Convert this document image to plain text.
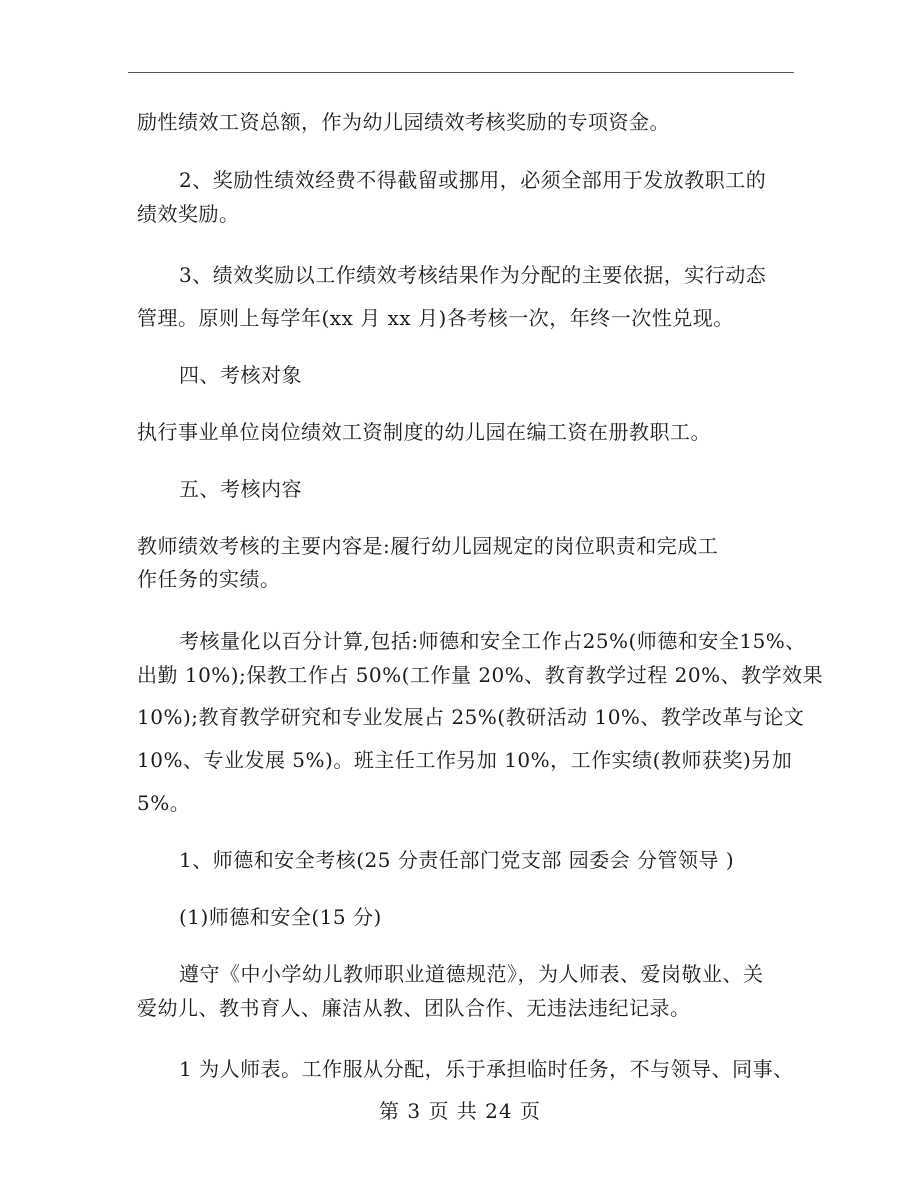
励性绩效工资总额，作为幼儿园绩效考核奖励的专项资金。
2、奖励性绩效经费不得截留或挪用，必须全部用于发放教职工的
绩效奖励。
3、绩效奖励以工作绩效考核结果作为分配的主要依据，实行动态
管理。原则上每学年(xx 月 xx 月)各考核一次，年终一次性兑现。
四、考核对象
执行事业单位岗位绩效工资制度的幼儿园在编工资在册教职工。
五、考核内容
教师绩效考核的主要内容是:履行幼儿园规定的岗位职责和完成工
作任务的实绩。
考核量化以百分计算,包括:师德和安全工作占25%(师德和安全15%、
出勤 10%);保教工作占 50%(工作量 20%、教育教学过程 20%、教学效果
10%);教育教学研究和专业发展占 25%(教研活动 10%、教学改革与论文
10%、专业发展 5%)。班主任工作另加 10%，工作实绩(教师获奖)另加
5%。
1、师德和安全考核(25 分责任部门党支部 园委会 分管领导 )
(1)师德和安全(15 分)
遵守《中小学幼儿教师职业道德规范》，为人师表、爱岗敬业、关
爱幼儿、教书育人、廉洁从教、团队合作、无违法违纪记录。
1 为人师表。工作服从分配，乐于承担临时任务，不与领导、同事、
第 3 页 共 24 页
